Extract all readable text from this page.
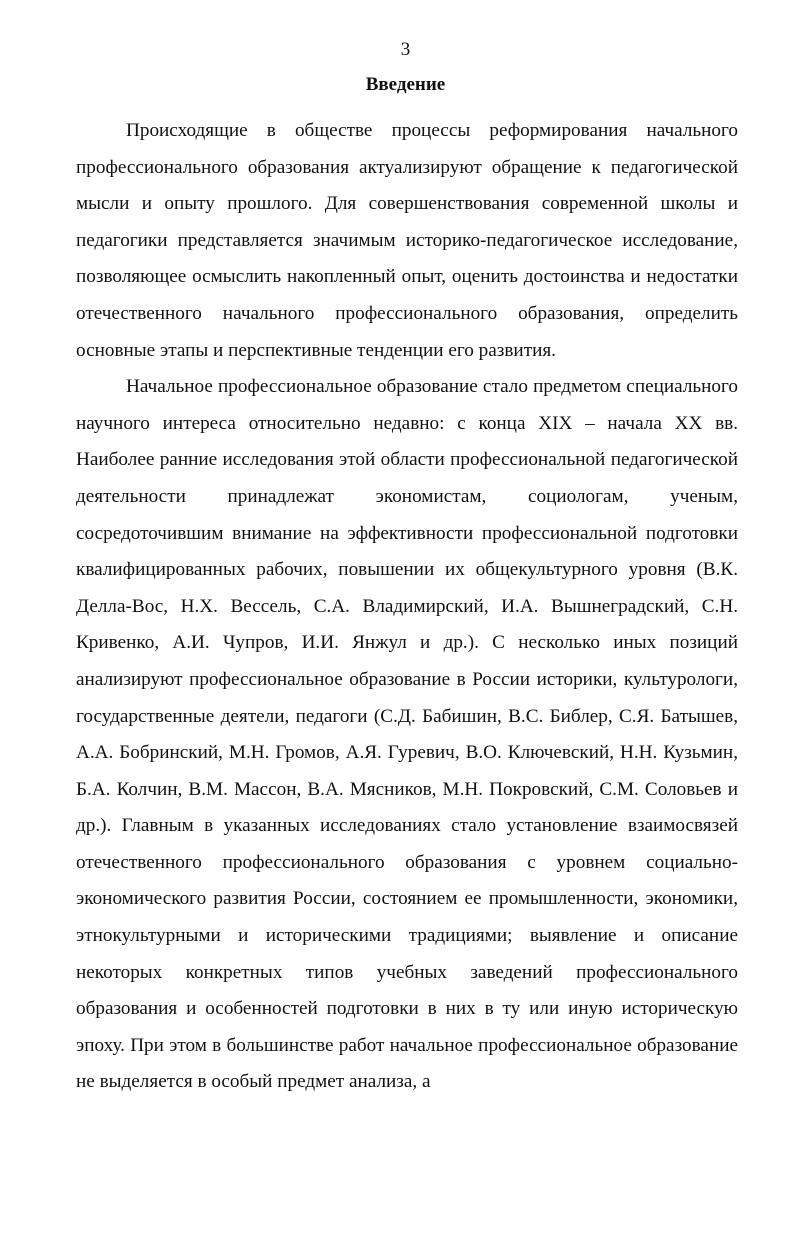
3
Введение

Происходящие в обществе процессы реформирования начального профессионального образования актуализируют обращение к педагогической мысли и опыту прошлого. Для совершенствования современной школы и педагогики представляется значимым историко-педагогическое исследование, позволяющее осмыслить накопленный опыт, оценить достоинства и недостатки отечественного начального профессионального образования, определить основные этапы и перспективные тенденции его развития.

Начальное профессиональное образование стало предметом специального научного интереса относительно недавно: с конца XIX – начала XX вв. Наиболее ранние исследования этой области профессиональной педагогической деятельности принадлежат экономистам, социологам, ученым, сосредоточившим внимание на эффективности профессиональной подготовки квалифицированных рабочих, повышении их общекультурного уровня (В.К. Делла-Вос, Н.Х. Вессель, С.А. Владимирский, И.А. Вышнеградский, С.Н. Кривенко, А.И. Чупров, И.И. Янжул и др.). С несколько иных позиций анализируют профессиональное образование в России историки, культурологи, государственные деятели, педагоги (С.Д. Бабишин, В.С. Библер, С.Я. Батышев, А.А. Бобринский, М.Н. Громов, А.Я. Гуревич, В.О. Ключевский, Н.Н. Кузьмин, Б.А. Колчин, В.М. Массон, В.А. Мясников, М.Н. Покровский, С.М. Соловьев и др.). Главным в указанных исследованиях стало установление взаимосвязей отечественного профессионального образования с уровнем социально-экономического развития России, состоянием ее промышленности, экономики, этнокультурными и историческими традициями; выявление и описание некоторых конкретных типов учебных заведений профессионального образования и особенностей подготовки в них в ту или иную историческую эпоху. При этом в большинстве работ начальное профессиональное образование не выделяется в особый предмет анализа, а
